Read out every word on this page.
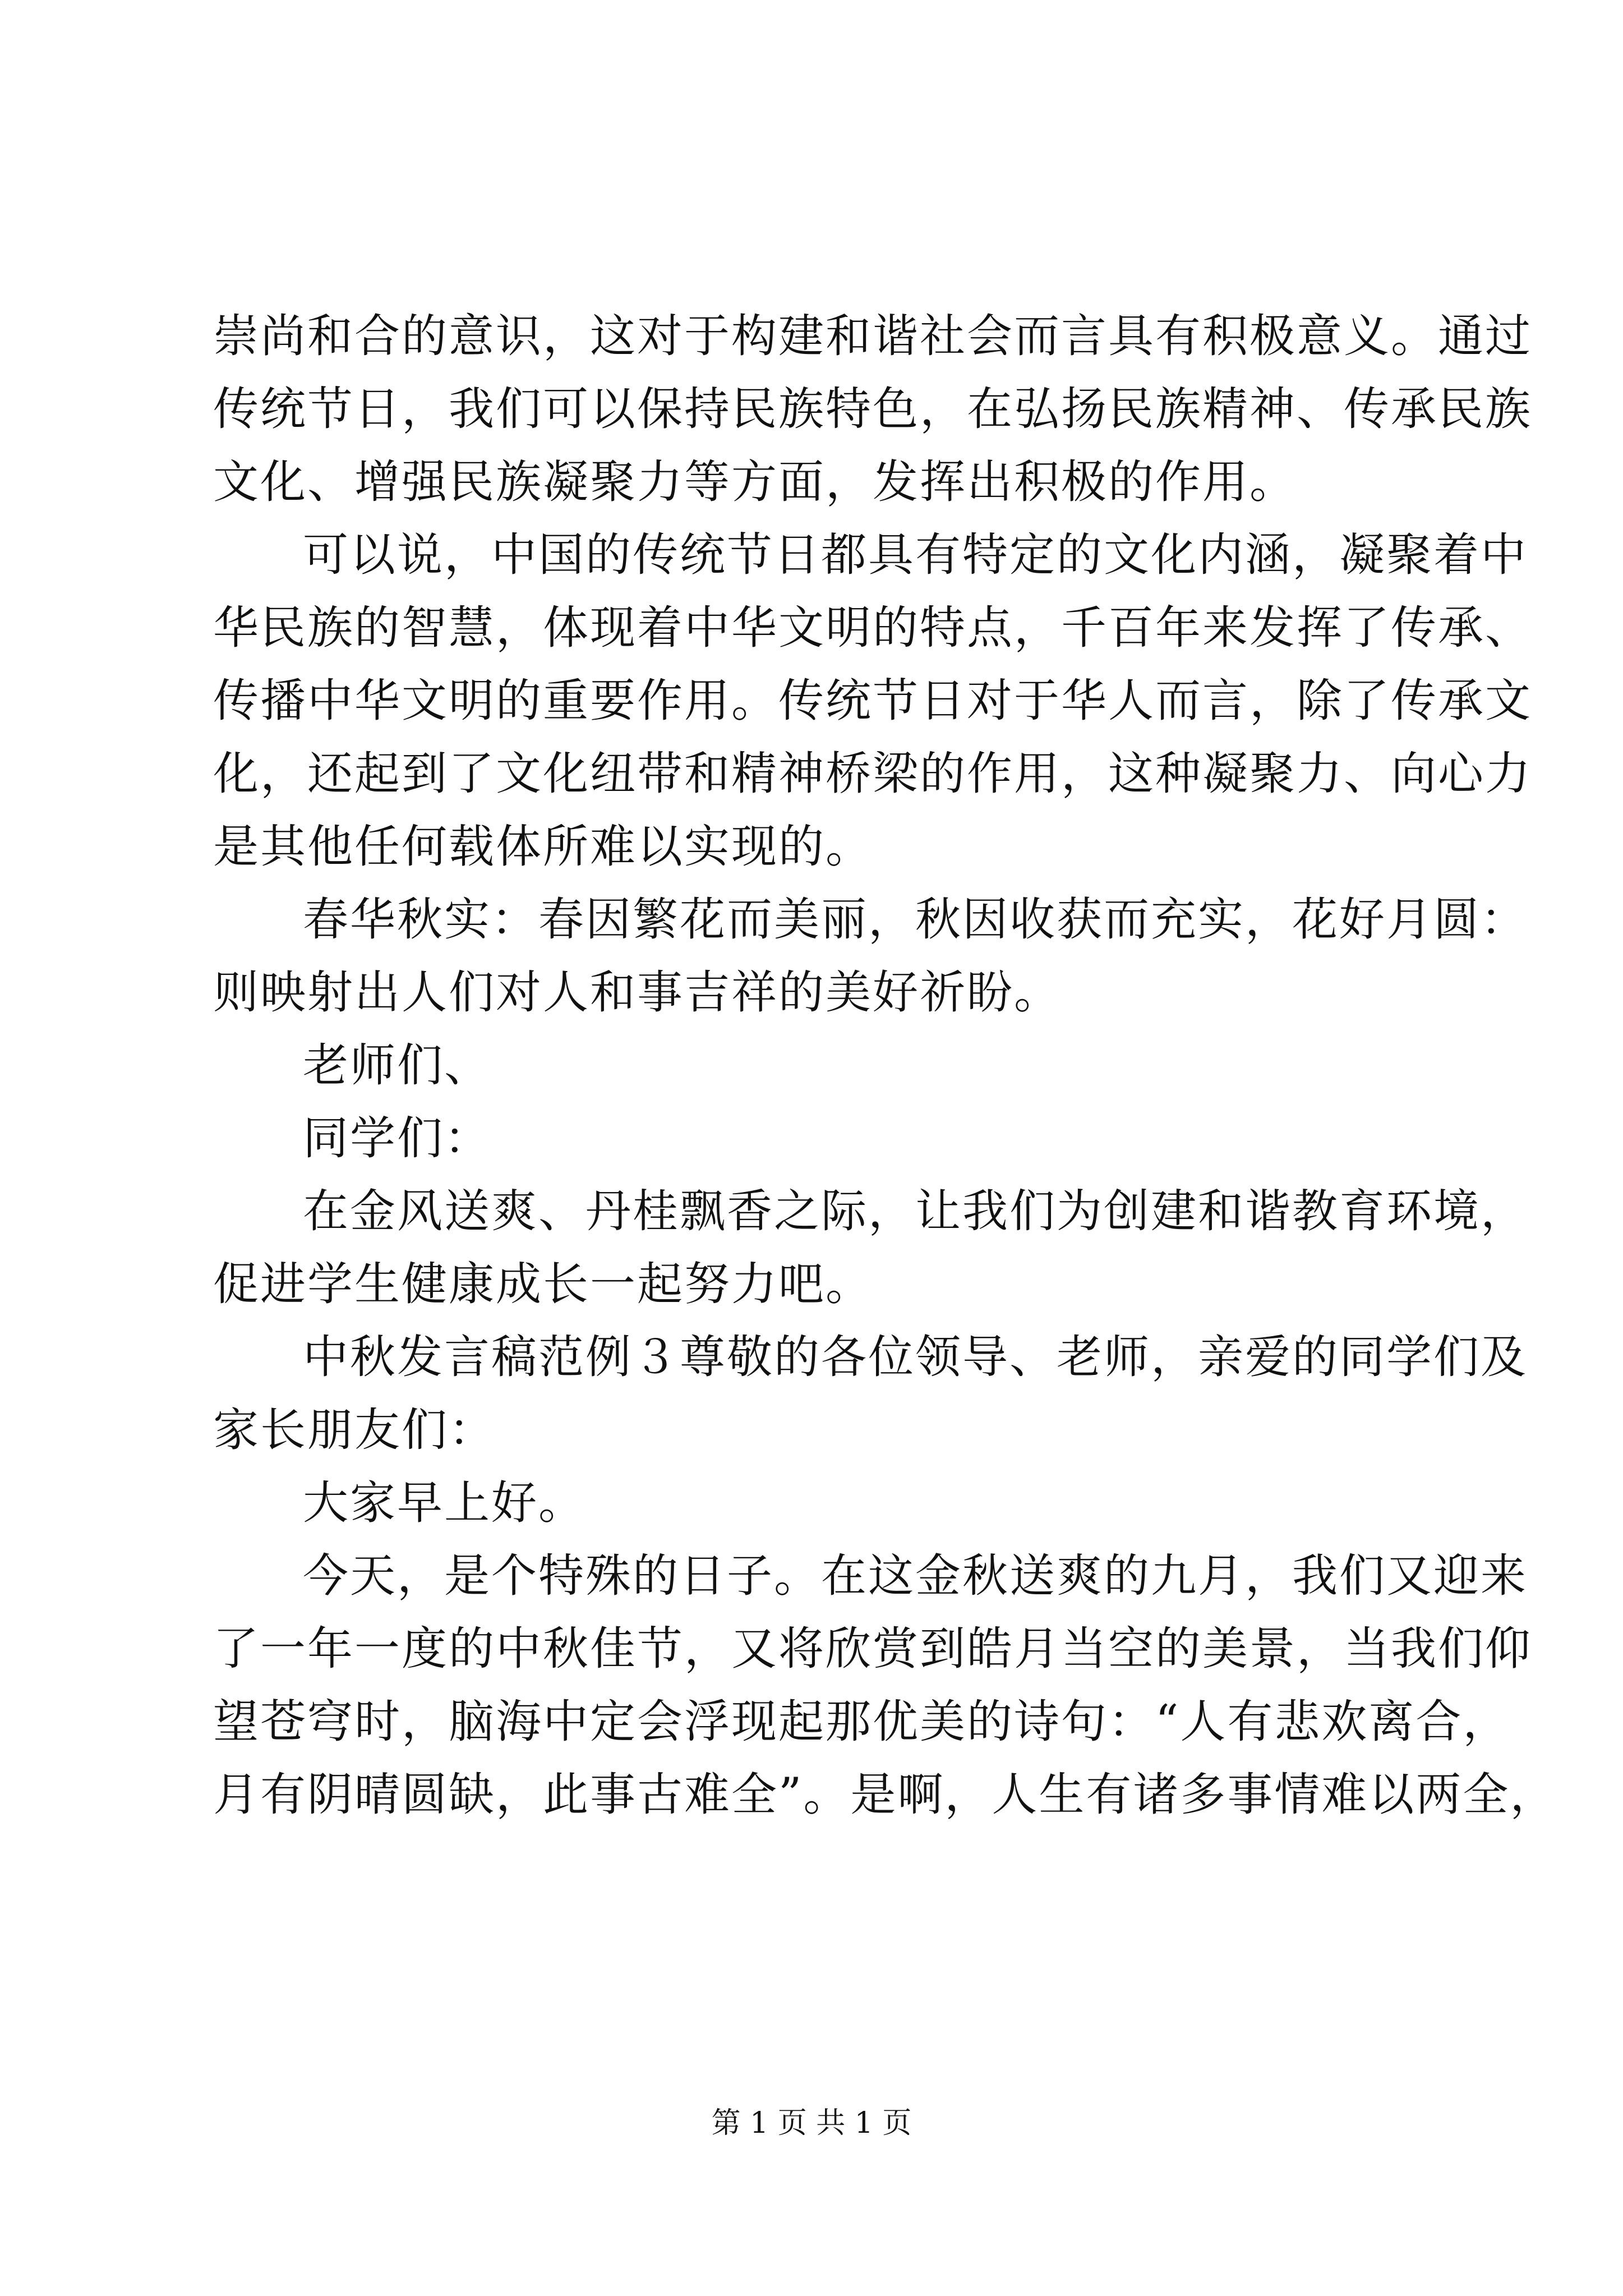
崇尚和合的意识，这对于构建和谐社会而言具有积极意义。通过
传统节日，我们可以保持民族特色，在弘扬民族精神、传承民族
文化、增强民族凝聚力等方面，发挥出积极的作用。
可以说，中国的传统节日都具有特定的文化内涵，凝聚着中
华民族的智慧，体现着中华文明的特点，千百年来发挥了传承、
传播中华文明的重要作用。传统节日对于华人而言，除了传承文
化，还起到了文化纽带和精神桥梁的作用，这种凝聚力、向心力
是其他任何载体所难以实现的。
春华秋实：春因繁花而美丽，秋因收获而充实，花好月圆：
则映射出人们对人和事吉祥的美好祈盼。
老师们、
同学们：
在金风送爽、丹桂飘香之际，让我们为创建和谐教育环境，
促进学生健康成长一起努力吧。
中秋发言稿范例３尊敬的各位领导、老师，亲爱的同学们及
家长朋友们：
大家早上好。
今天，是个特殊的日子。在这金秋送爽的九月，我们又迎来
了一年一度的中秋佳节，又将欣赏到皓月当空的美景，当我们仰
望苍穹时，脑海中定会浮现起那优美的诗句：“人有悲欢离合，
月有阴晴圆缺，此事古难全”。是啊，人生有诸多事情难以两全，
第 1 页 共 1 页
